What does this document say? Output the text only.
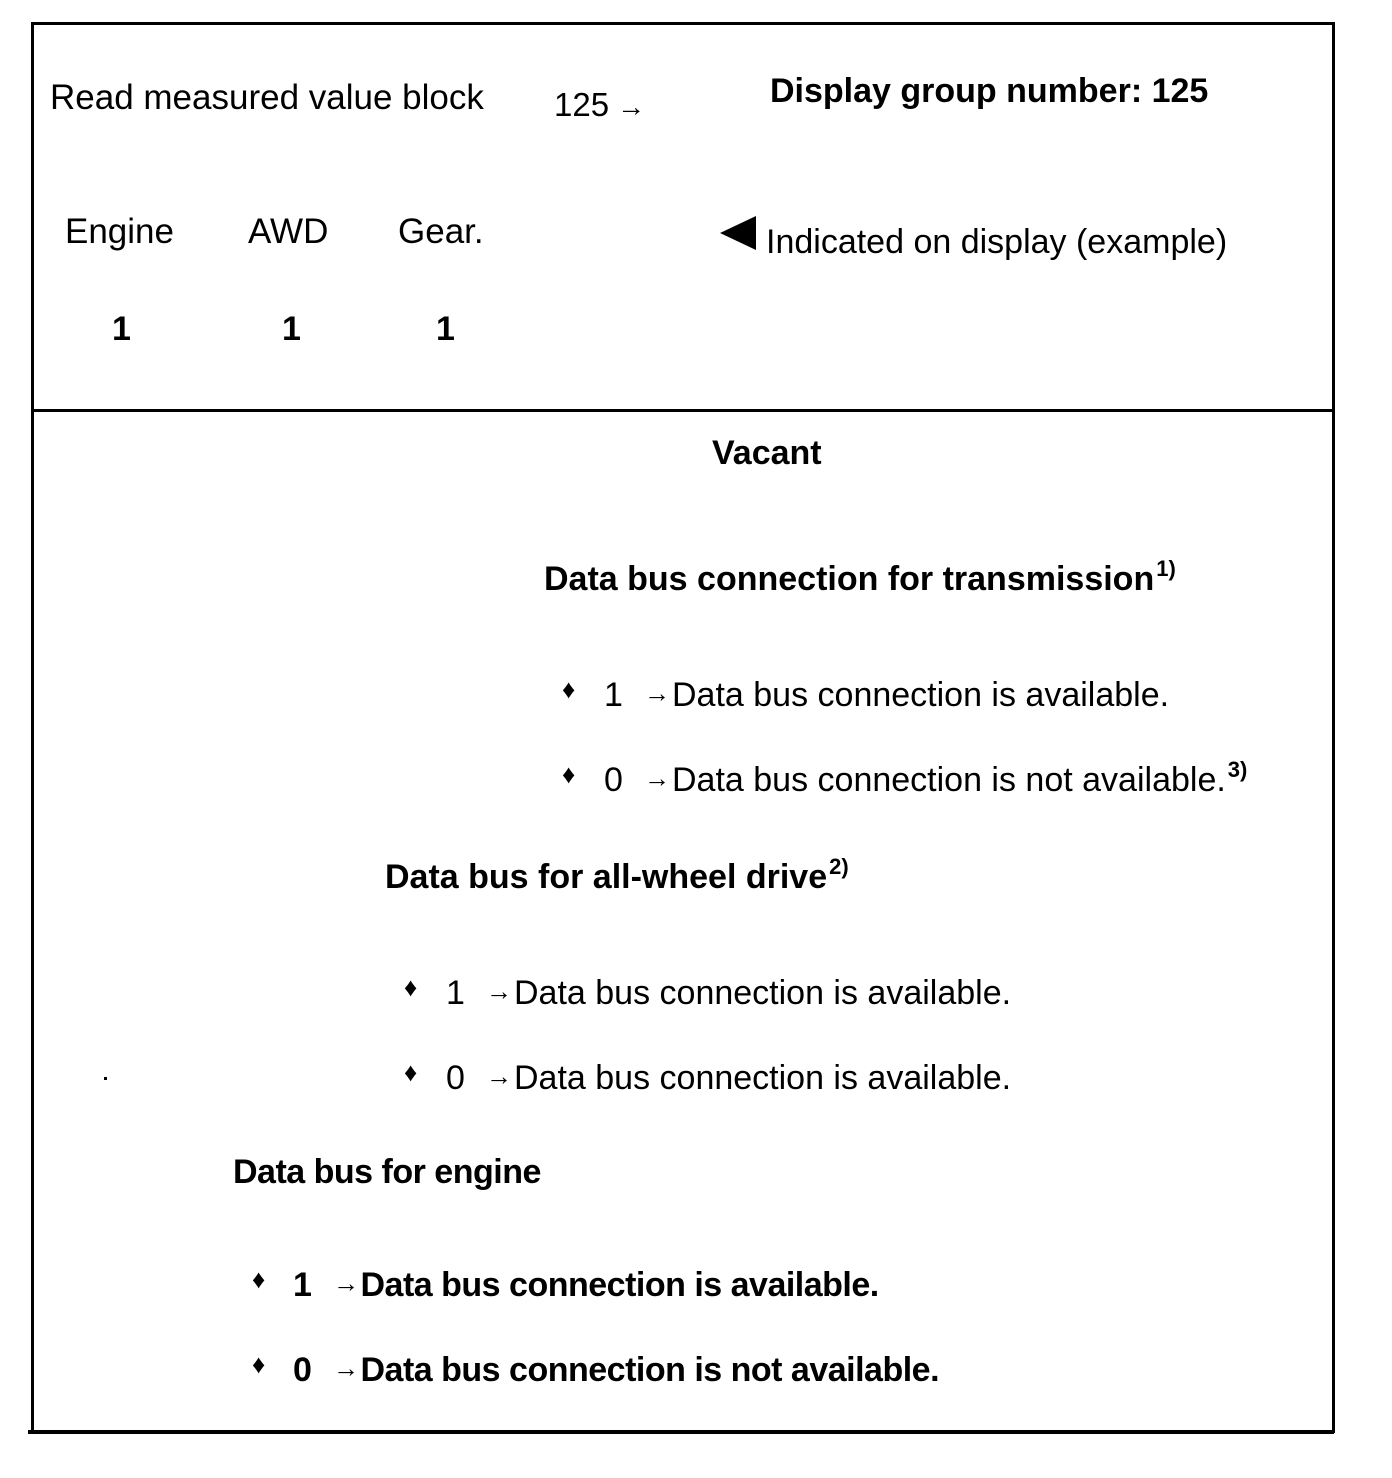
Read measured value block 125 →	Display group number: 125
Engine AWD Gear.
1	1	1
Indicated on display (example)
Vacant
Data bus connection for transmission$^{1)}$
♦ 1 →Data bus connection is available.
♦ 0 →Data bus connection is not available.$^{3)}$
Data bus for all-wheel drive$^{2)}$
♦ 1 →Data bus connection is available.
♦ 0 →Data bus connection is available.
Data bus for engine
♦ 1 →Data bus connection is available.
♦ 0 →Data bus connection is not available.
